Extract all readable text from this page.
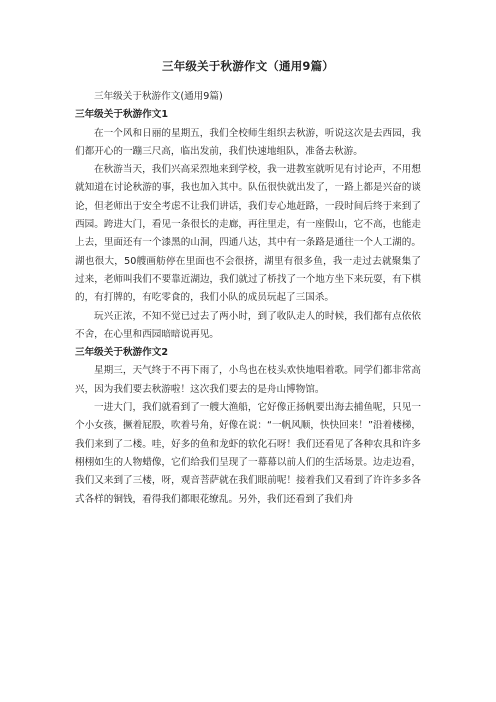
三年级关于秋游作文（通用9篇）

三年级关于秋游作文(通用9篇)

三年级关于秋游作文1

在一个风和日丽的星期五，我们全校师生组织去秋游，听说这次是去西园，我们都开心的一蹦三尺高，临出发前，我们快速地组队，准备去秋游。

在秋游当天，我们兴高采烈地来到学校，我一进教室就听见有讨论声，不用想就知道在讨论秋游的事，我也加入其中。队伍很快就出发了，一路上都是兴奋的谈论，但老师出于安全考虑不让我们讲话，我们专心地赶路，一段时间后终于来到了西园。跨进大门，看见一条很长的走廊，再往里走，有一座假山，它不高，也能走上去，里面还有一个漆黑的山洞，四通八达，其中有一条路是通往一个人工湖的。湖也很大，50艘画舫停在里面也不会很挤，湖里有很多鱼，我一走过去就聚集了过来，老师叫我们不要靠近湖边，我们就过了桥找了一个地方坐下来玩耍，有下棋的，有打牌的，有吃零食的，我们小队的成员玩起了三国杀。

玩兴正浓，不知不觉已过去了两小时，到了收队走人的时候，我们都有点依依不舍，在心里和西园暗暗说再见。

三年级关于秋游作文2

星期三，天气终于不再下雨了，小鸟也在枝头欢快地唱着歌。同学们都非常高兴，因为我们要去秋游啦！这次我们要去的是舟山博物馆。

一进大门，我们就看到了一艘大渔船，它好像正扬帆要出海去捕鱼呢，只见一个小女孩，撅着屁股，吹着号角，好像在说：“一帆风顺，快快回来！”沿着楼梯，我们来到了二楼。哇，好多的鱼和龙虾的软化石呀！我们还看见了各种农具和许多栩栩如生的人物蜡像，它们给我们呈现了一幕幕以前人们的生活场景。边走边看，我们又来到了三楼，呀，观音菩萨就在我们眼前呢！接着我们又看到了许许多多各式各样的铜钱，看得我们都眼花缭乱。另外，我们还看到了我们舟
